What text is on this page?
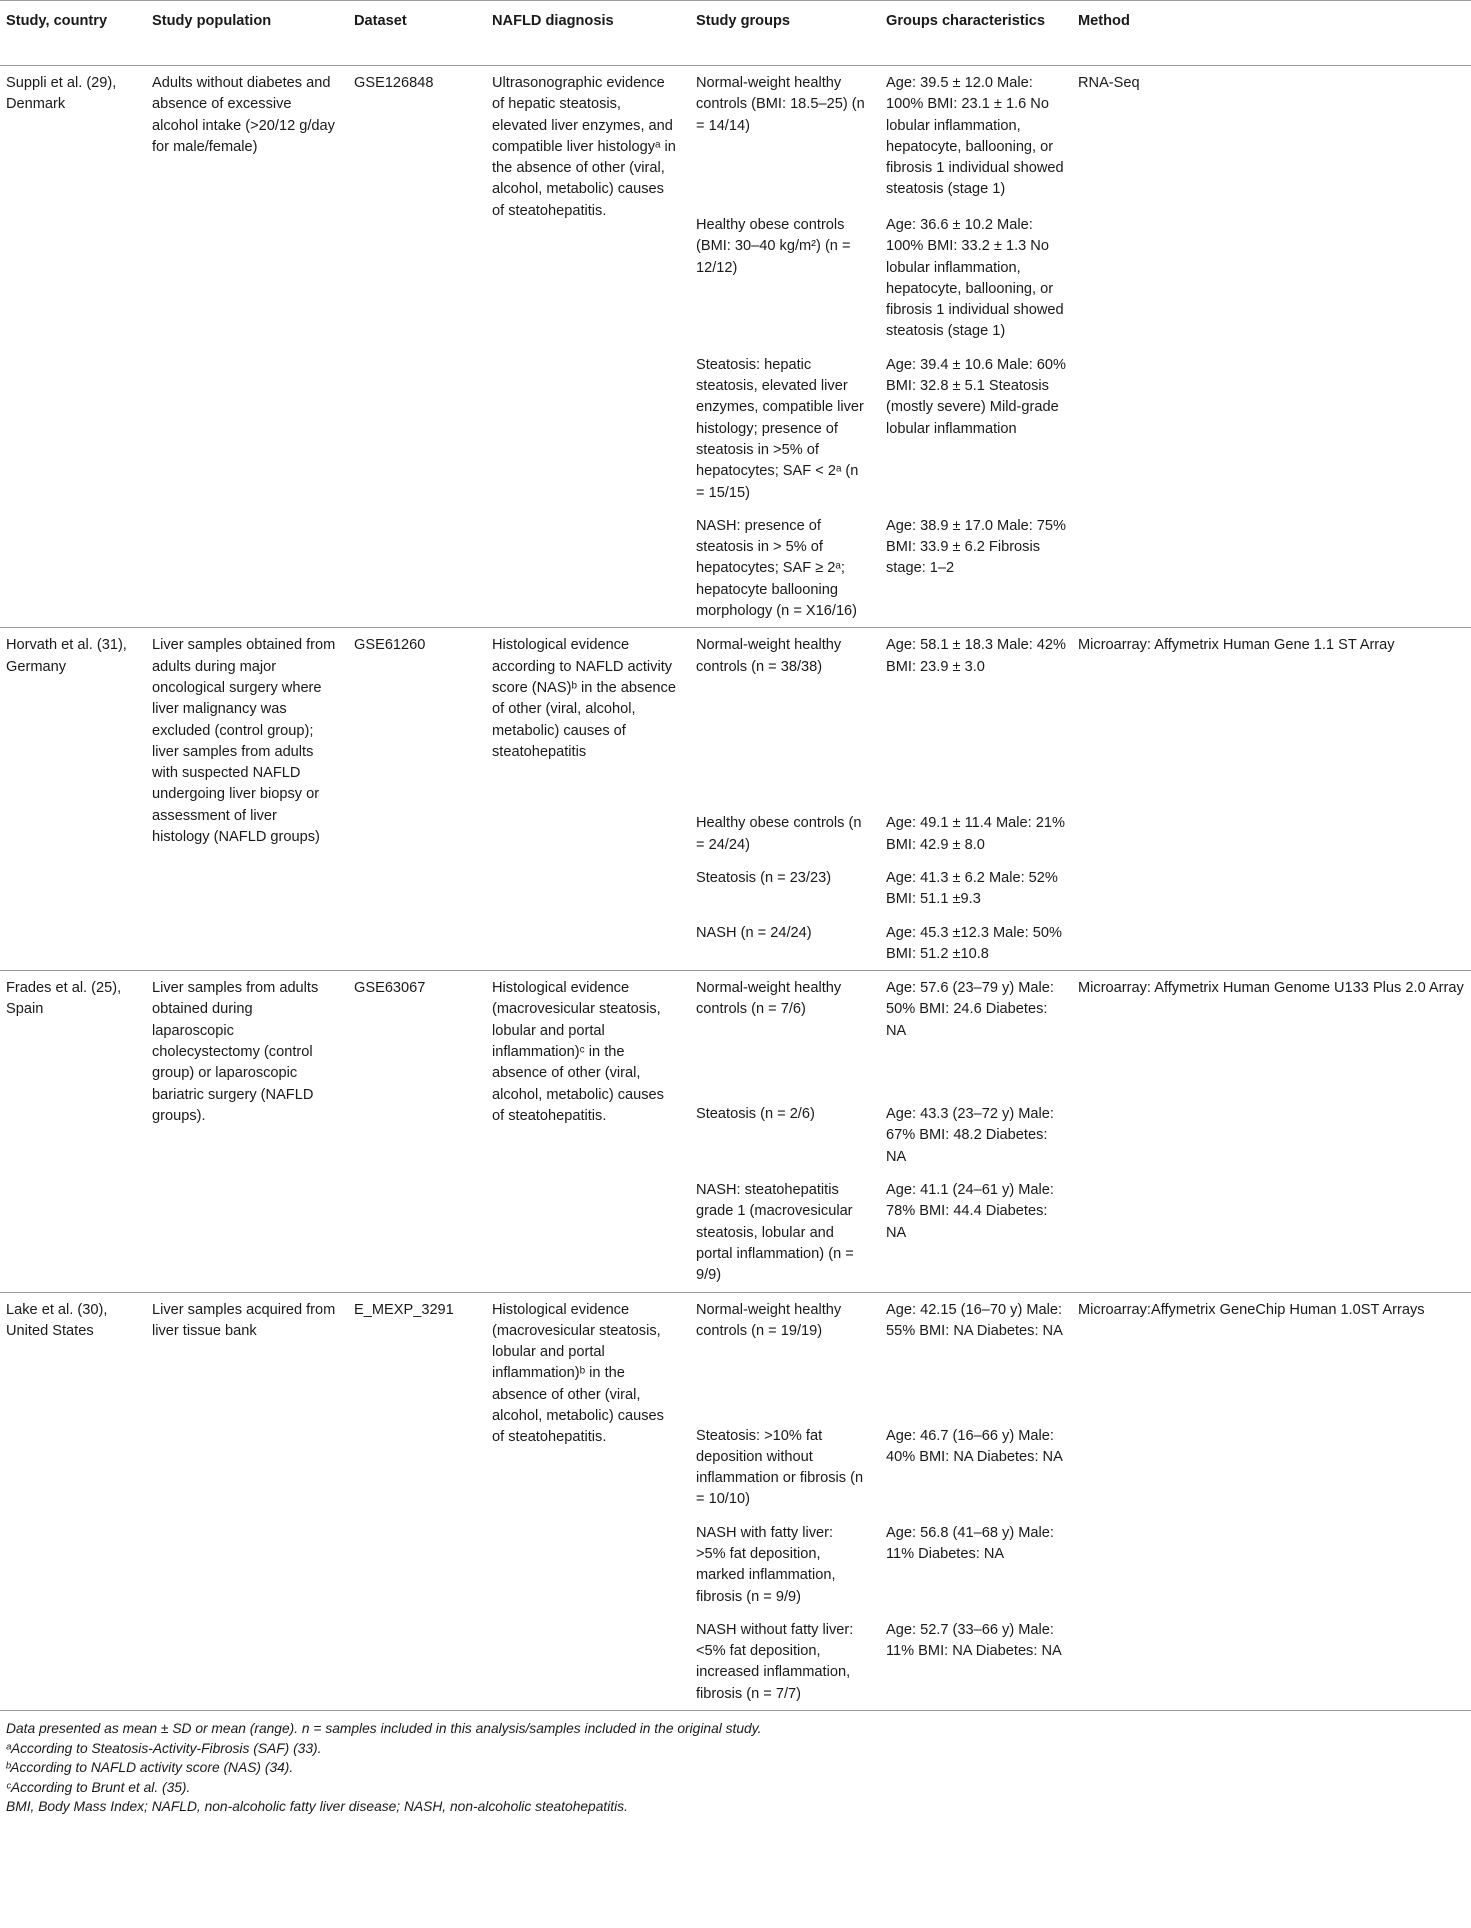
Study, country	Study population	Dataset	NAFLD diagnosis	Study groups	Groups characteristics	Method
Suppli et al. (29), Denmark	Adults without diabetes and absence of excessive alcohol intake (>20/12 g/day for male/female)	GSE126848	Ultrasonographic evidence of hepatic steatosis, elevated liver enzymes, and compatible liver histologyᵃ in the absence of other (viral, alcohol, metabolic) causes of steatohepatitis.	Normal-weight healthy controls (BMI: 18.5–25) (n = 14/14)	Age: 39.5 ± 12.0 Male: 100% BMI: 23.1 ± 1.6 No lobular inflammation, hepatocyte, ballooning, or fibrosis 1 individual showed steatosis (stage 1)	RNA-Seq
				Healthy obese controls (BMI: 30–40 kg/m²) (n = 12/12)	Age: 36.6 ± 10.2 Male: 100% BMI: 33.2 ± 1.3 No lobular inflammation, hepatocyte, ballooning, or fibrosis 1 individual showed steatosis (stage 1)	
				Steatosis: hepatic steatosis, elevated liver enzymes, compatible liver histology; presence of steatosis in >5% of hepatocytes; SAF < 2ᵃ (n = 15/15)	Age: 39.4 ± 10.6 Male: 60% BMI: 32.8 ± 5.1 Steatosis (mostly severe) Mild-grade lobular inflammation	
				NASH: presence of steatosis in > 5% of hepatocytes; SAF ≥ 2ᵃ; hepatocyte ballooning morphology (n = X16/16)	Age: 38.9 ± 17.0 Male: 75% BMI: 33.9 ± 6.2 Fibrosis stage: 1–2	
Horvath et al. (31), Germany	Liver samples obtained from adults during major oncological surgery where liver malignancy was excluded (control group); liver samples from adults with suspected NAFLD undergoing liver biopsy or assessment of liver histology (NAFLD groups)	GSE61260	Histological evidence according to NAFLD activity score (NAS)ᵇ in the absence of other (viral, alcohol, metabolic) causes of steatohepatitis	Normal-weight healthy controls (n = 38/38)	Age: 58.1 ± 18.3 Male: 42% BMI: 23.9 ± 3.0	Microarray: Affymetrix Human Gene 1.1 ST Array
				Healthy obese controls (n = 24/24)	Age: 49.1 ± 11.4 Male: 21% BMI: 42.9 ± 8.0	
				Steatosis (n = 23/23)	Age: 41.3 ± 6.2 Male: 52% BMI: 51.1 ±9.3	
				NASH (n = 24/24)	Age: 45.3 ±12.3 Male: 50% BMI: 51.2 ±10.8	
Frades et al. (25), Spain	Liver samples from adults obtained during laparoscopic cholecystectomy (control group) or laparoscopic bariatric surgery (NAFLD groups).	GSE63067	Histological evidence (macrovesicular steatosis, lobular and portal inflammation)ᶜ in the absence of other (viral, alcohol, metabolic) causes of steatohepatitis.	Normal-weight healthy controls (n = 7/6)	Age: 57.6 (23–79 y) Male: 50% BMI: 24.6 Diabetes: NA	Microarray: Affymetrix Human Genome U133 Plus 2.0 Array
				Steatosis (n = 2/6)	Age: 43.3 (23–72 y) Male: 67% BMI: 48.2 Diabetes: NA	
				NASH: steatohepatitis grade 1 (macrovesicular steatosis, lobular and portal inflammation) (n = 9/9)	Age: 41.1 (24–61 y) Male: 78% BMI: 44.4 Diabetes: NA	
Lake et al. (30), United States	Liver samples acquired from liver tissue bank	E_MEXP_3291	Histological evidence (macrovesicular steatosis, lobular and portal inflammation)ᵇ in the absence of other (viral, alcohol, metabolic) causes of steatohepatitis.	Normal-weight healthy controls (n = 19/19)	Age: 42.15 (16–70 y) Male: 55% BMI: NA Diabetes: NA	Microarray:Affymetrix GeneChip Human 1.0ST Arrays
				Steatosis: >10% fat deposition without inflammation or fibrosis (n = 10/10)	Age: 46.7 (16–66 y) Male: 40% BMI: NA Diabetes: NA	
				NASH with fatty liver: >5% fat deposition, marked inflammation, fibrosis (n = 9/9)	Age: 56.8 (41–68 y) Male: 11% Diabetes: NA	
				NASH without fatty liver: <5% fat deposition, increased inflammation, fibrosis (n = 7/7)	Age: 52.7 (33–66 y) Male: 11% BMI: NA Diabetes: NA	

Data presented as mean ± SD or mean (range). n = samples included in this analysis/samples included in the original study.
ᵃAccording to Steatosis-Activity-Fibrosis (SAF) (33).
ᵇAccording to NAFLD activity score (NAS) (34).
ᶜAccording to Brunt et al. (35).
BMI, Body Mass Index; NAFLD, non-alcoholic fatty liver disease; NASH, non-alcoholic steatohepatitis.						
